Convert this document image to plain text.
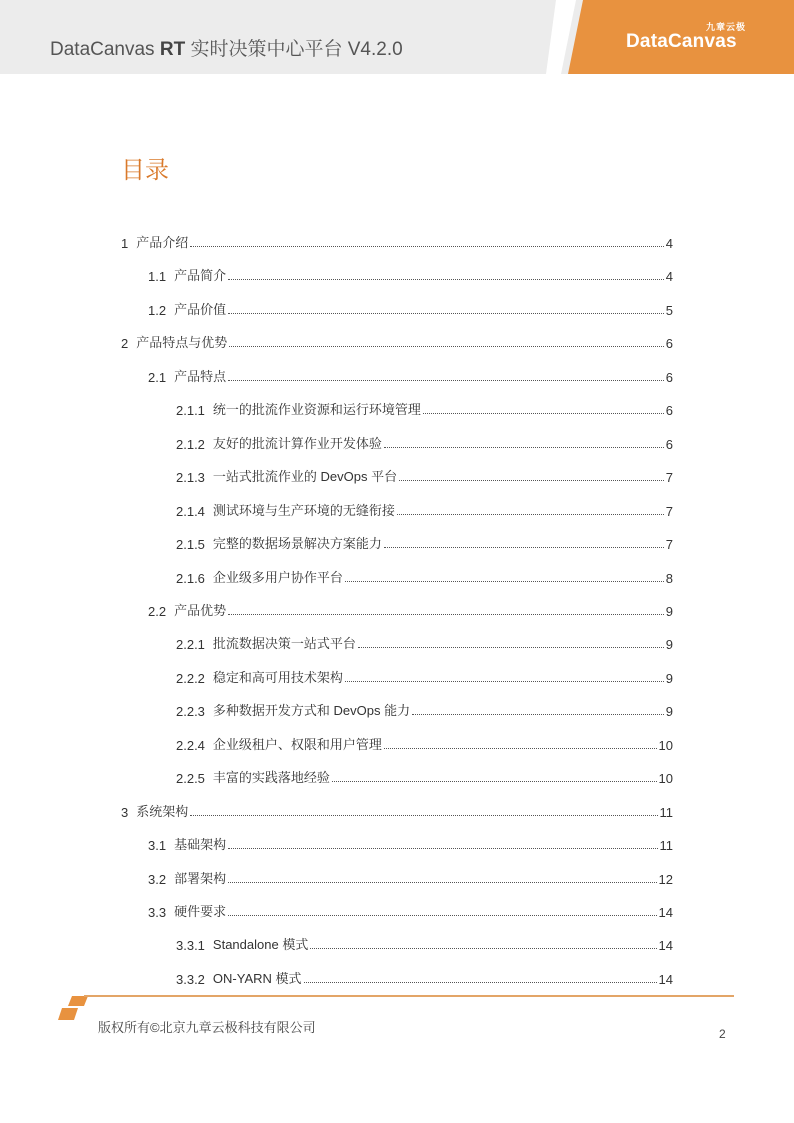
DataCanvas RT 实时决策中心平台 V4.2.0
九章云极
DataCanvas
目录
1 产品介绍	4
1.1 产品简介	4
1.2 产品价值	5
2 产品特点与优势	6
2.1 产品特点	6
2.1.1 统一的批流作业资源和运行环境管理	6
2.1.2 友好的批流计算作业开发体验	6
2.1.3 一站式批流作业的 DevOps 平台	7
2.1.4 测试环境与生产环境的无缝衔接	7
2.1.5 完整的数据场景解决方案能力	7
2.1.6 企业级多用户协作平台	8
2.2 产品优势	9
2.2.1 批流数据决策一站式平台	9
2.2.2 稳定和高可用技术架构	9
2.2.3 多种数据开发方式和 DevOps 能力	9
2.2.4 企业级租户、权限和用户管理	10
2.2.5 丰富的实践落地经验	10
3 系统架构	11
3.1 基础架构	11
3.2 部署架构	12
3.3 硬件要求	14
3.3.1 Standalone 模式	14
3.3.2 ON-YARN 模式	14
版权所有©北京九章云极科技有限公司	2
